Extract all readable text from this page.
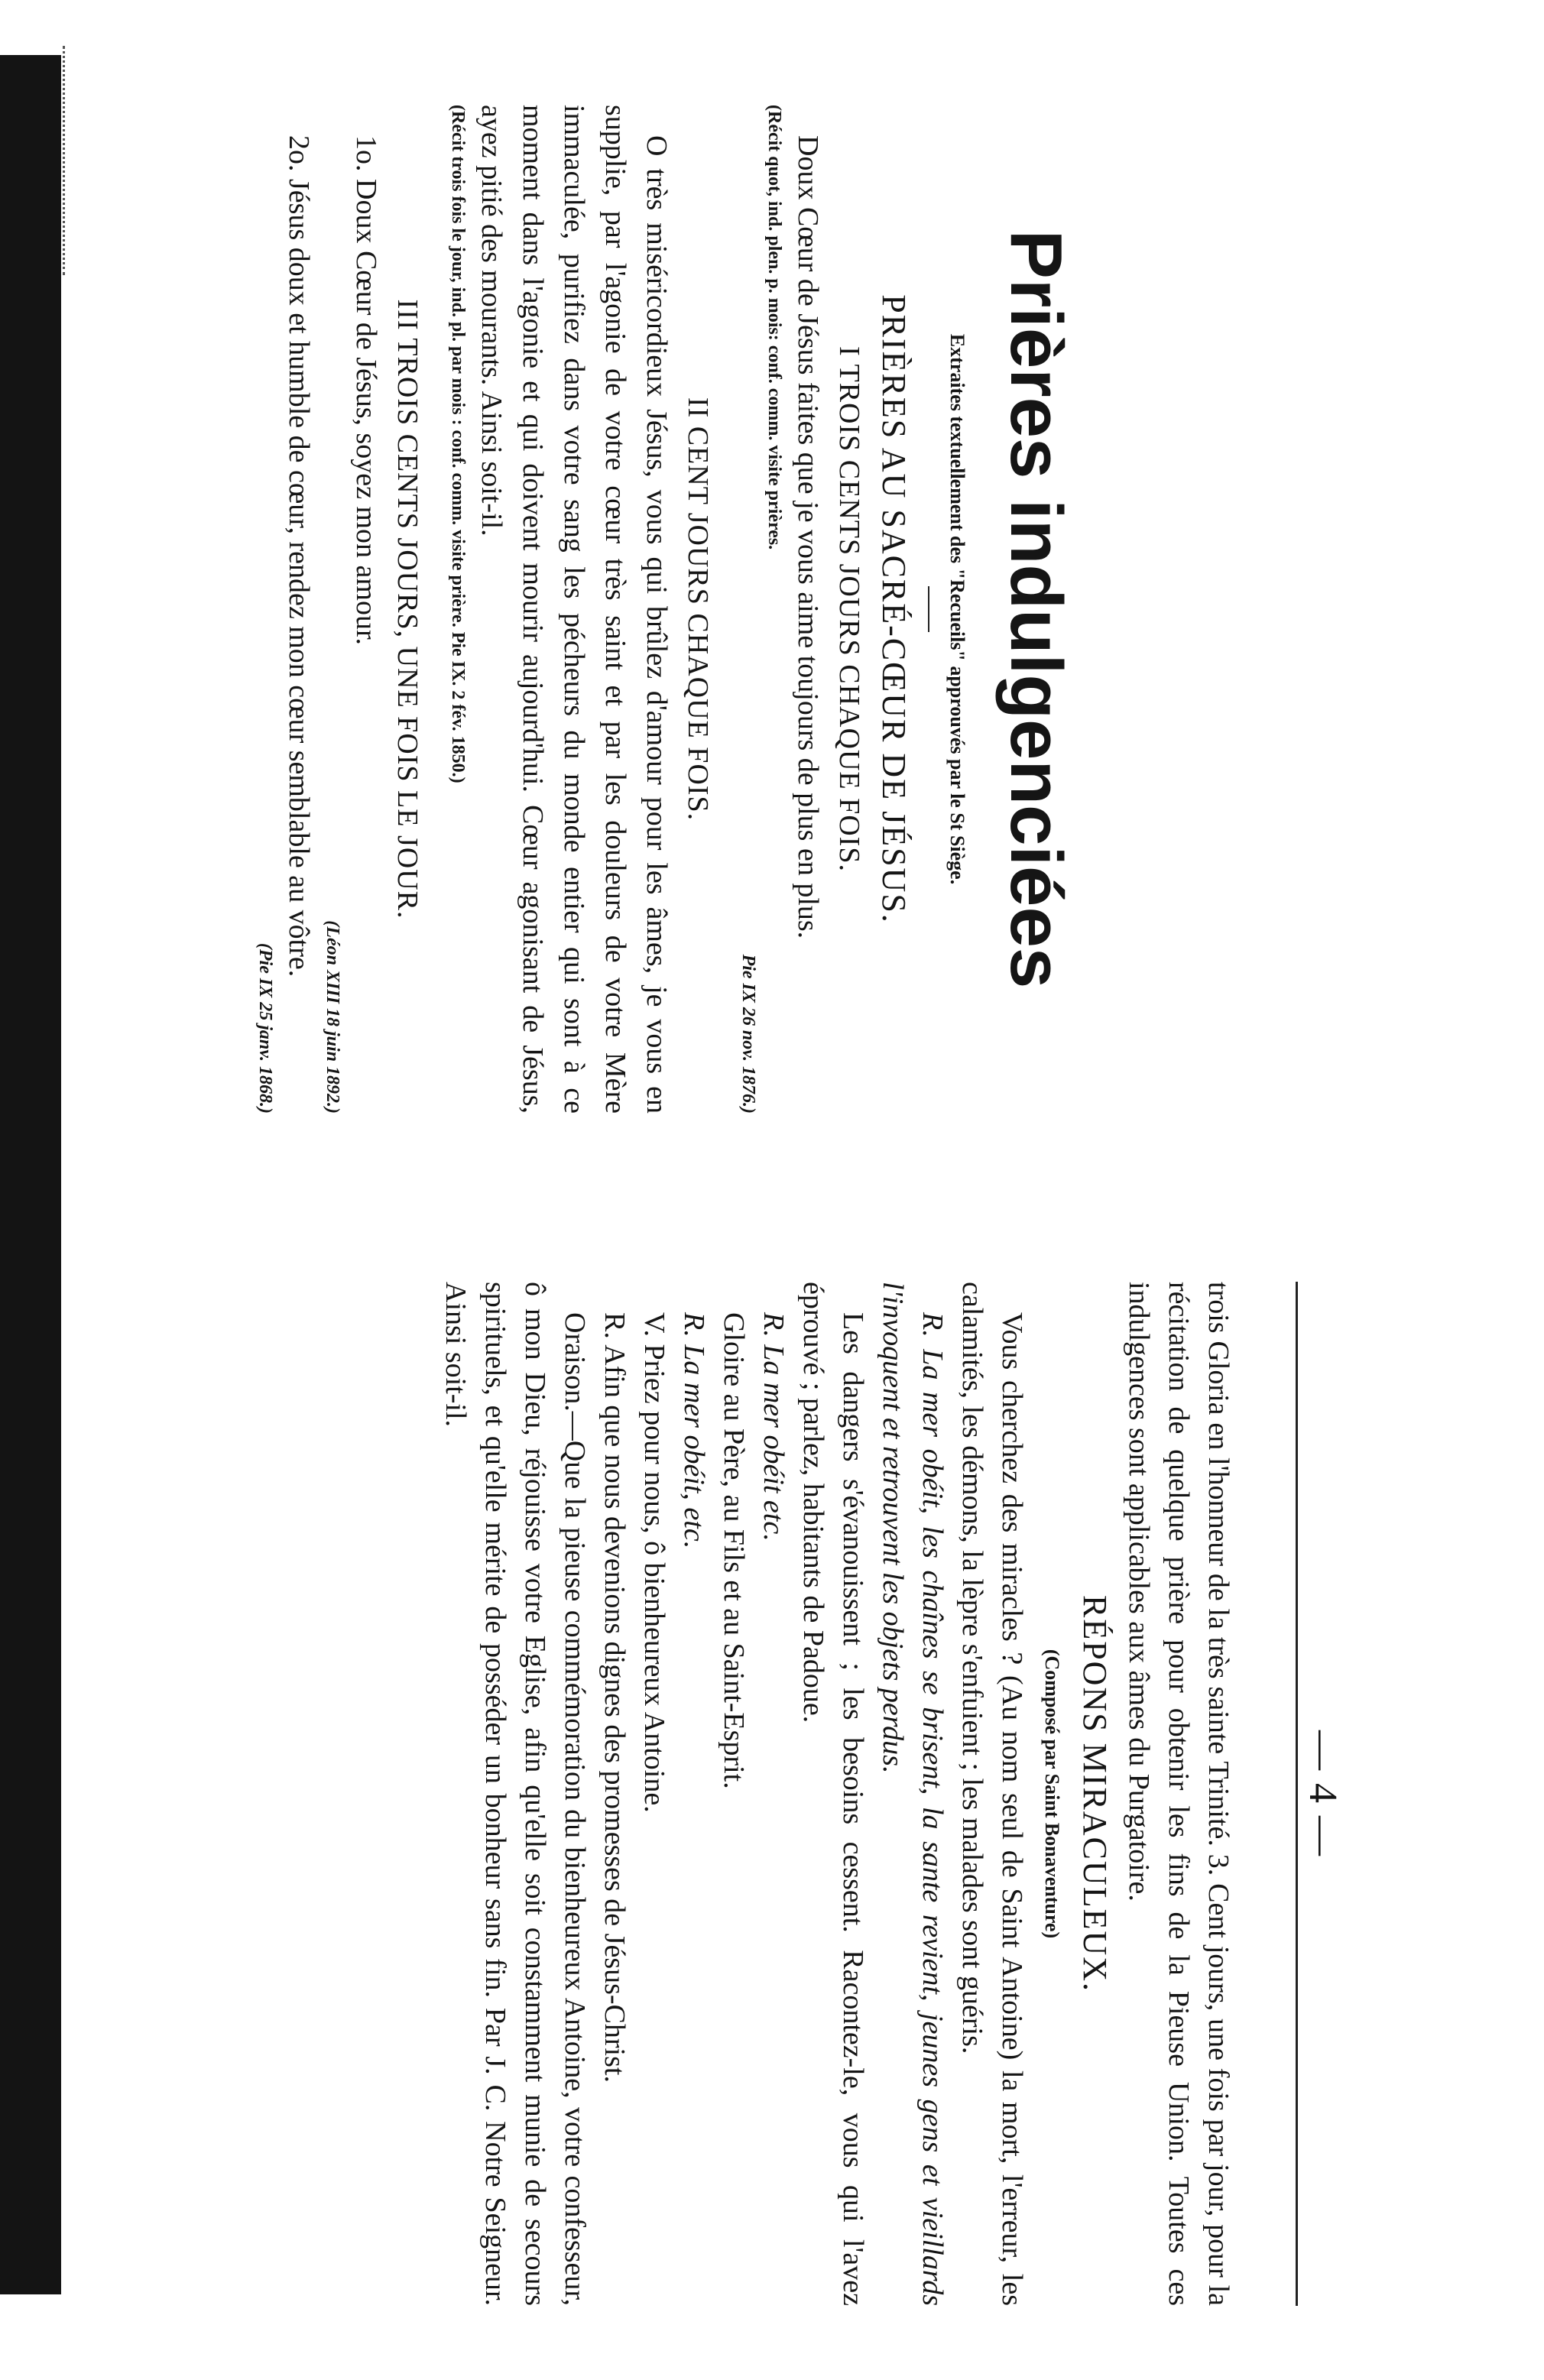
— 4 —

trois Gloria en l'honneur de la très sainte Trinité. 3. Cent jours, une fois par jour, pour la récitation de quelque prière pour obtenir les fins de la Pieuse Union. Toutes ces indulgences sont applicables aux âmes du Purgatoire.

RÉPONS MIRACULEUX.

(Composé par Saint Bonaventure)

Vous cherchez des miracles ? (Au nom seul de Saint Antoine) la mort, l'erreur, les calamités, les démons, la lèpre s'enfuient ; les malades sont guéris.

R. La mer obéit, les chaînes se brisent, la sante revient, jeunes gens et vieillards l'invoquent et retrouvent les objets perdus.

Les dangers s'évanouissent ; les besoins cessent. Racontez-le, vous qui l'avez éprouvé ; parlez, habitants de Padoue.

R. La mer obéit etc.

Gloire au Père, au Fils et au Saint-Esprit.

R. La mer obéit, etc.

V. Priez pour nous, ô bienheureux Antoine.

R. Afin que nous devenions dignes des promesses de Jésus-Christ.

Oraison.—Que la pieuse commémoration du bienheureux Antoine, votre confesseur, ô mon Dieu, réjouisse votre Eglise, afin qu'elle soit constamment munie de secours spirituels, et qu'elle mérite de posséder un bonheur sans fin. Par J. C. Notre Seigneur. Ainsi soit-il.

Prières indulgenciées

Extraites textuellement des "Recueils" approuvés par le St Siège.

PRIÈRES AU SACRÉ-CŒUR DE JÉSUS.

I TROIS CENTS JOURS CHAQUE FOIS.

Doux Cœur de Jésus faites que je vous aime toujours de plus en plus.

(Récit quot, ind. plen. p. mois: conf. comm. visite prières.

Pie IX 26 nov. 1876.)

II CENT JOURS CHAQUE FOIS.

O très miséricordieux Jésus, vous qui brûlez d'amour pour les âmes, je vous en supplie, par l'agonie de votre cœur très saint et par les douleurs de votre Mère immaculée, purifiez dans votre sang les pécheurs du monde entier qui sont à ce moment dans l'agonie et qui doivent mourir aujourd'hui. Cœur agonisant de Jésus, ayez pitié des mourants. Ainsi soit-il.

(Récit trois fois le jour, ind. pl. par mois : conf. comm. visite prière. Pie IX. 2 fév. 1850.)

III TROIS CENTS JOURS, UNE FOIS LE JOUR.

1o. Doux Cœur de Jésus, soyez mon amour.

(Léon XIII 18 juin 1892.)

2o. Jésus doux et humble de cœur, rendez mon cœur semblable au vôtre.

(Pie IX 25 janv. 1868.)
